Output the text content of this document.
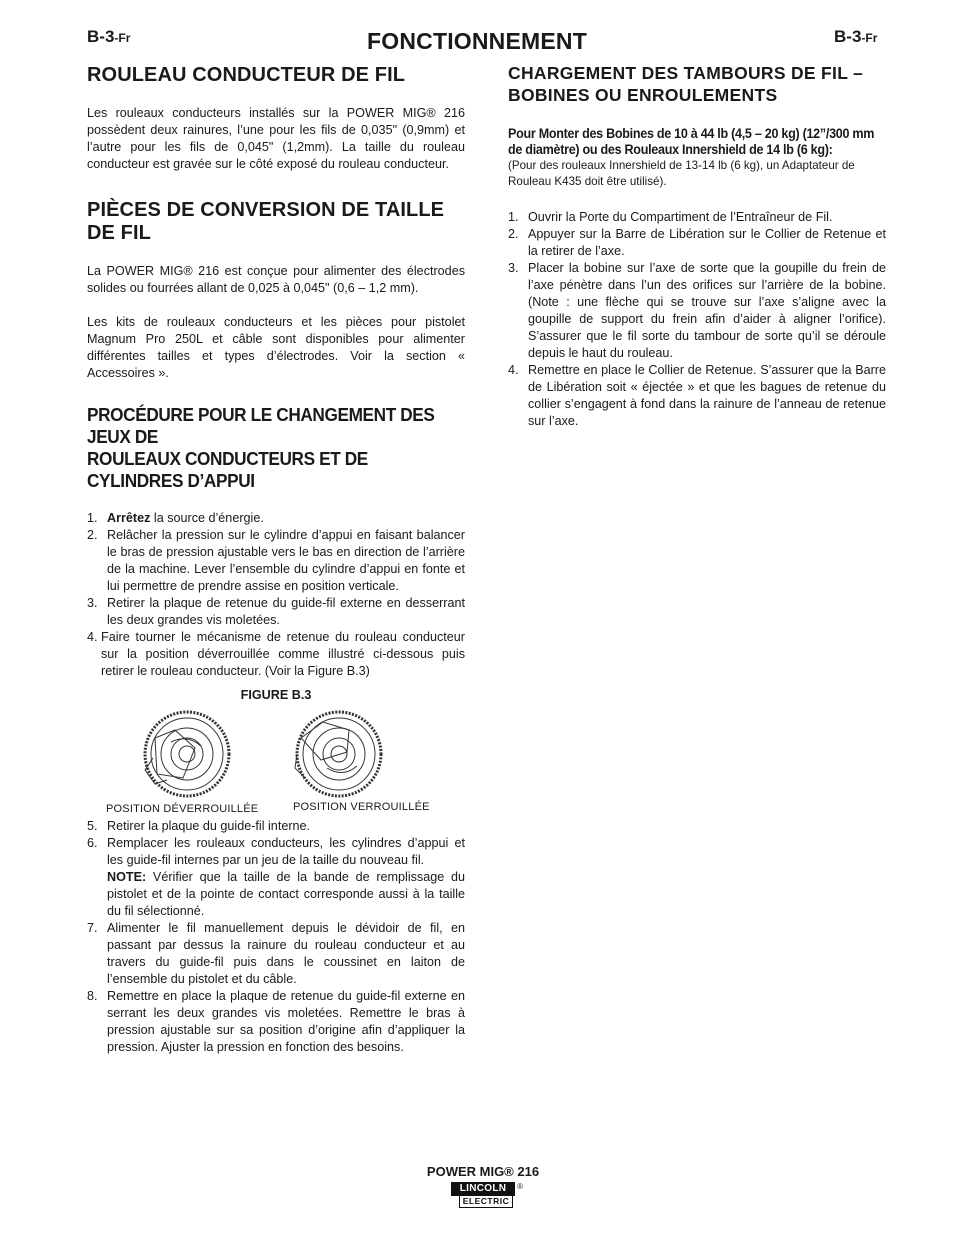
B-3-Fr	FONCTIONNEMENT	B-3-Fr
ROULEAU CONDUCTEUR DE FIL

Les rouleaux conducteurs installés sur la POWER MIG® 216 possèdent deux rainures, l’une pour les fils de 0,035" (0,9mm) et l’autre pour les fils de 0,045" (1,2mm). La taille du rouleau conducteur est gravée sur le côté exposé du rouleau conducteur.

PIÈCES DE CONVERSION DE TAILLE DE FIL

La POWER MIG® 216 est conçue pour alimenter des électrodes solides ou fourrées allant de 0,025 à 0,045" (0,6 – 1,2 mm).

Les kits de rouleaux conducteurs et les pièces pour pistolet Magnum Pro 250L et câble sont disponibles pour alimenter différentes tailles et types d’électrodes. Voir la section « Accessoires ».

PROCÉDURE POUR LE CHANGEMENT DES JEUX DE
ROULEAUX CONDUCTEURS ET DE CYLINDRES D’APPUI
1. Arrêtez la source d’énergie.
2. Relâcher la pression sur le cylindre d’appui en faisant balancer le bras de pression ajustable vers le bas en direction de l’arrière de la machine. Lever l’ensemble du cylindre d’appui en fonte et lui permettre de prendre assise en position verticale.
3. Retirer la plaque de retenue du guide-fil externe en desserrant les deux grandes vis moletées.
4. Faire tourner le mécanisme de retenue du rouleau conducteur sur la position déverrouillée comme illustré ci-dessous puis retirer le rouleau conducteur. (Voir la Figure B.3)
FIGURE B.3
POSITION DÉVERROUILLÉE	POSITION VERROUILLÉE
5. Retirer la plaque du guide-fil interne.
6. Remplacer les rouleaux conducteurs, les cylindres d’appui et les guide-fil internes par un jeu de la taille du nouveau fil.
NOTE: Vérifier que la taille de la bande de remplissage du pistolet et de la pointe de contact corresponde aussi à la taille du fil sélectionné.
7. Alimenter le fil manuellement depuis le dévidoir de fil, en passant par dessus la rainure du rouleau conducteur et au travers du guide-fil puis dans le coussinet en laiton de l’ensemble du pistolet et du câble.
8. Remettre en place la plaque de retenue du guide-fil externe en serrant les deux grandes vis moletées. Remettre le bras à pression ajustable sur sa position d’origine afin d’appliquer la pression. Ajuster la pression en fonction des besoins.
CHARGEMENT DES TAMBOURS DE FIL –
BOBINES OU ENROULEMENTS
Pour Monter des Bobines de 10 à 44 lb (4,5 – 20 kg) (12”/300 mm de diamètre) ou des Rouleaux Innershield de 14 lb (6 kg):
(Pour des rouleaux Innershield de 13-14 lb (6 kg), un Adaptateur de Rouleau K435 doit être utilisé).
1. Ouvrir la Porte du Compartiment de l’Entraîneur de Fil.
2. Appuyer sur la Barre de Libération sur le Collier de Retenue et la retirer de l’axe.
3. Placer la bobine sur l’axe de sorte que la goupille du frein de l’axe pénètre dans l’un des orifices sur l’arrière de la bobine. (Note : une flèche qui se trouve sur l’axe s’aligne avec la goupille de support du frein afin d’aider à aligner l’orifice). S’assurer que le fil sorte du tambour de sorte qu’il se déroule depuis le haut du rouleau.
4. Remettre en place le Collier de Retenue. S’assurer que la Barre de Libération soit « éjectée » et que les bagues de retenue du collier s’engagent à fond dans la rainure de l’anneau de retenue sur l’axe.
POWER MIG® 216
LINCOLN
ELECTRIC
®
